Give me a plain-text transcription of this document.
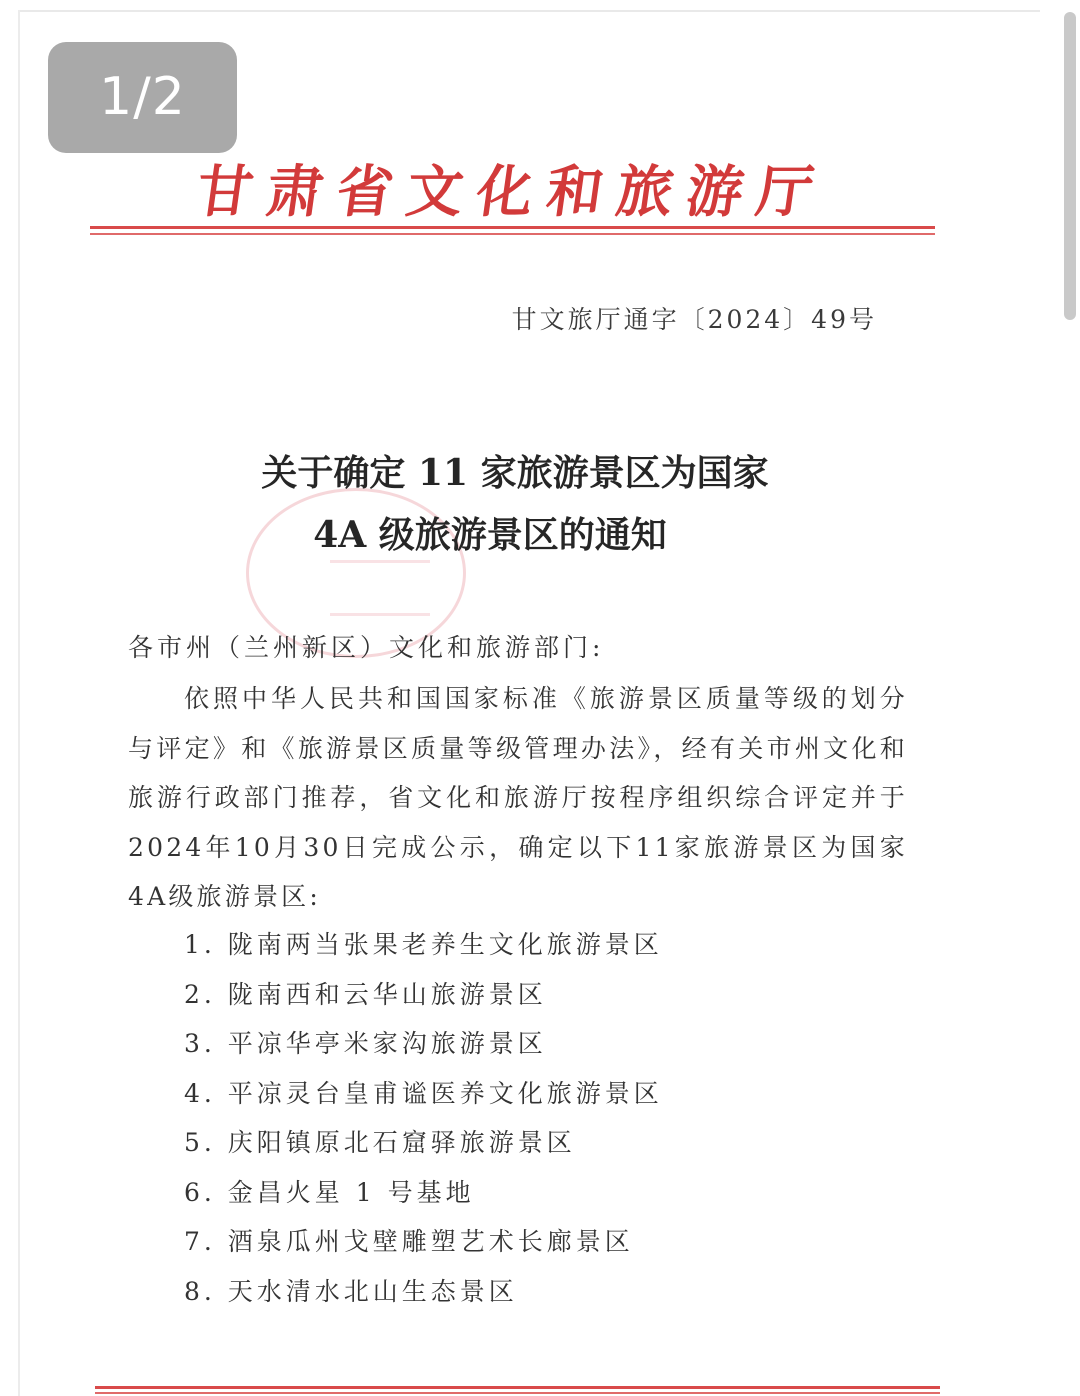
甘肃省文化和旅游厅
甘文旅厅通字〔2024〕49号
关于确定 11 家旅游景区为国家
4A 级旅游景区的通知
各市州（兰州新区）文化和旅游部门:
依照中华人民共和国国家标准《旅游景区质量等级的划分与评定》和《旅游景区质量等级管理办法》，经有关市州文化和旅游行政部门推荐，省文化和旅游厅按程序组织综合评定并于2024年10月30日完成公示，确定以下11家旅游景区为国家4A级旅游景区:
1. 陇南两当张果老养生文化旅游景区
2. 陇南西和云华山旅游景区
3. 平凉华亭米家沟旅游景区
4. 平凉灵台皇甫谧医养文化旅游景区
5. 庆阳镇原北石窟驿旅游景区
6. 金昌火星 1 号基地
7. 酒泉瓜州戈壁雕塑艺术长廊景区
8. 天水清水北山生态景区
1/2
